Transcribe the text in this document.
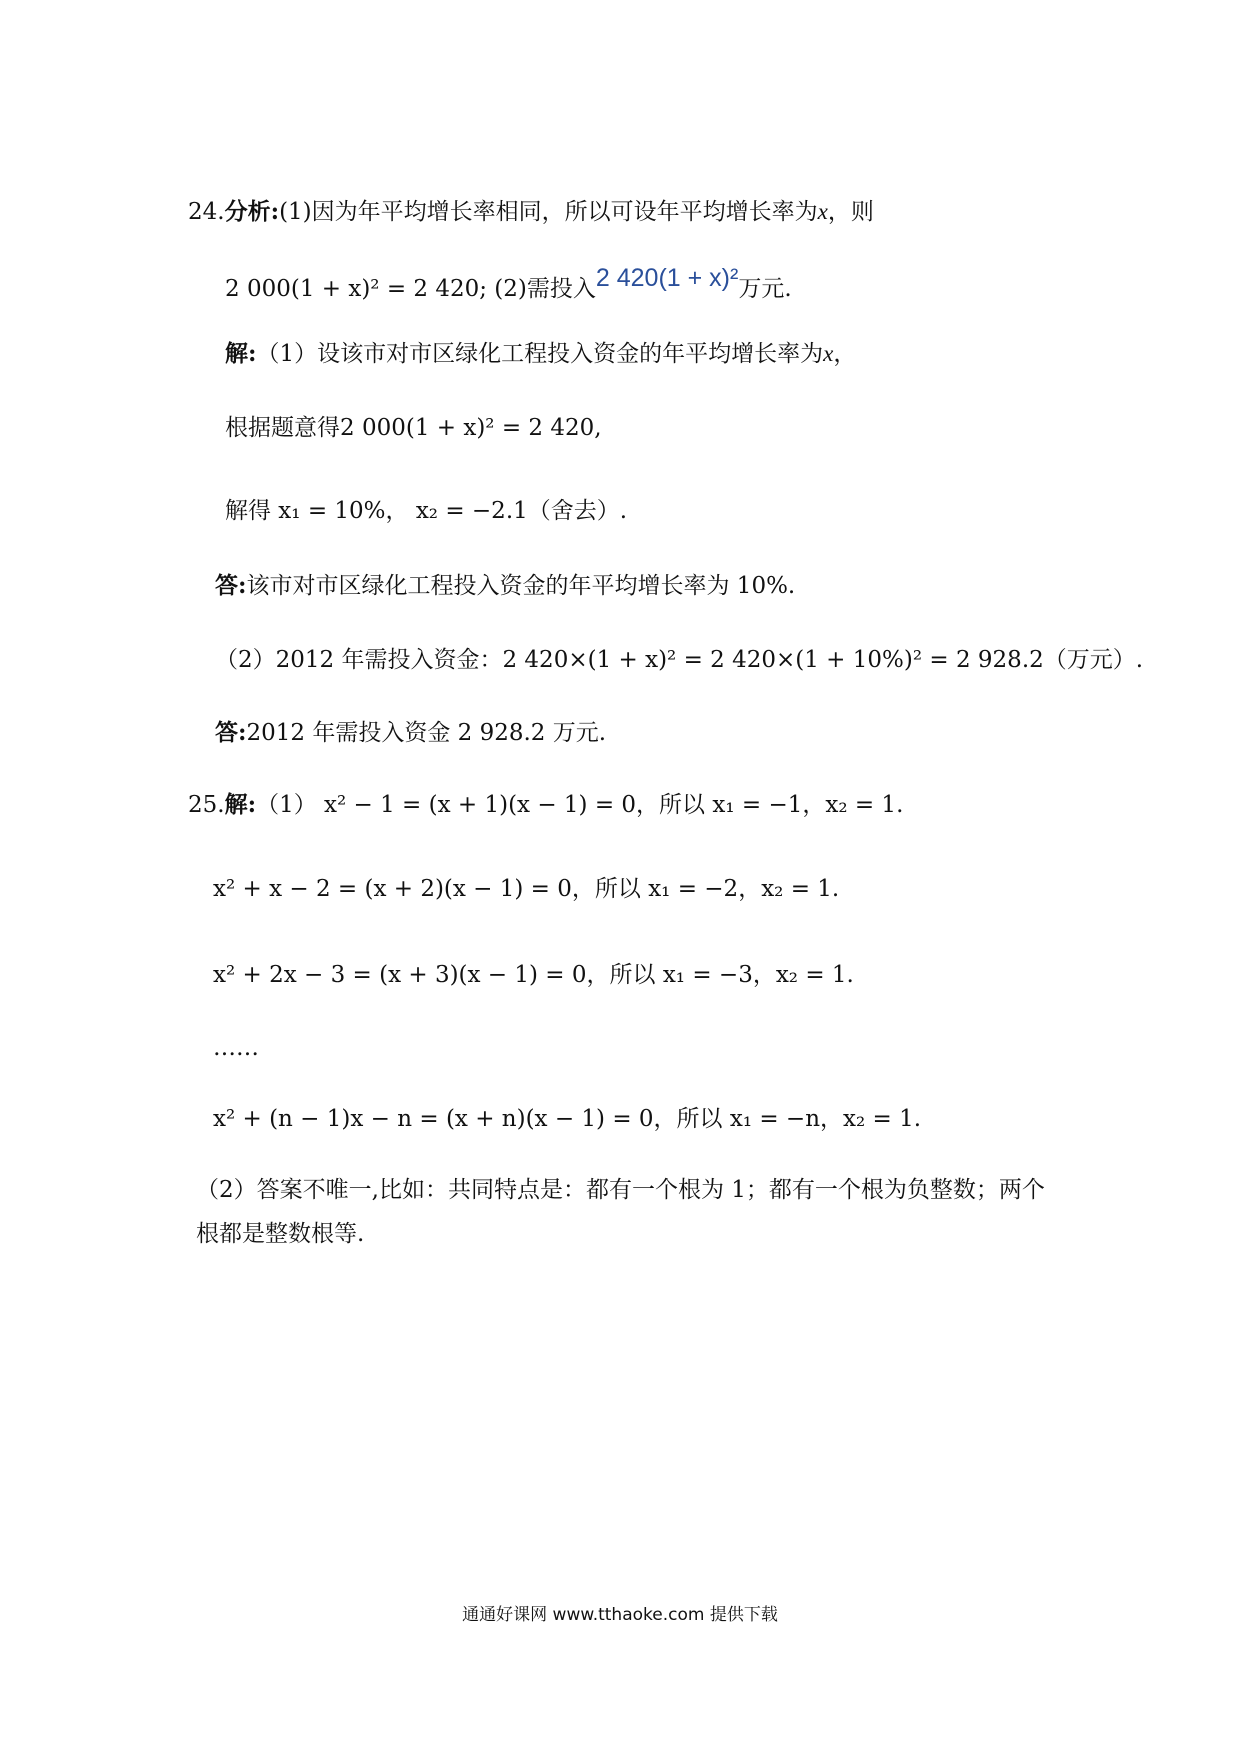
24.分析:(1)因为年平均增长率相同，所以可设年平均增长率为x，则
2 000(1 + x)² = 2 420; (2)需投入2 420(1 + x)²万元.
解:（1）设该市对市区绿化工程投入资金的年平均增长率为x，
根据题意得2 000(1 + x)² = 2 420,
解得 x₁ = 10%， x₂ = −2.1（舍去）.
答:该市对市区绿化工程投入资金的年平均增长率为 10%.
（2）2012 年需投入资金：2 420×(1 + x)² = 2 420×(1 + 10%)² = 2 928.2（万元）.
答:2012 年需投入资金 2 928.2 万元.
25.解:（1） x² − 1 = (x + 1)(x − 1) = 0，所以 x₁ = −1，x₂ = 1.
x² + x − 2 = (x + 2)(x − 1) = 0，所以 x₁ = −2，x₂ = 1.
x² + 2x − 3 = (x + 3)(x − 1) = 0，所以 x₁ = −3，x₂ = 1.
……
x² + (n − 1)x − n = (x + n)(x − 1) = 0，所以 x₁ = −n，x₂ = 1.
（2）答案不唯一,比如：共同特点是：都有一个根为 1；都有一个根为负整数；两个根都是整数根等.
通通好课网 www.tthaoke.com 提供下载
